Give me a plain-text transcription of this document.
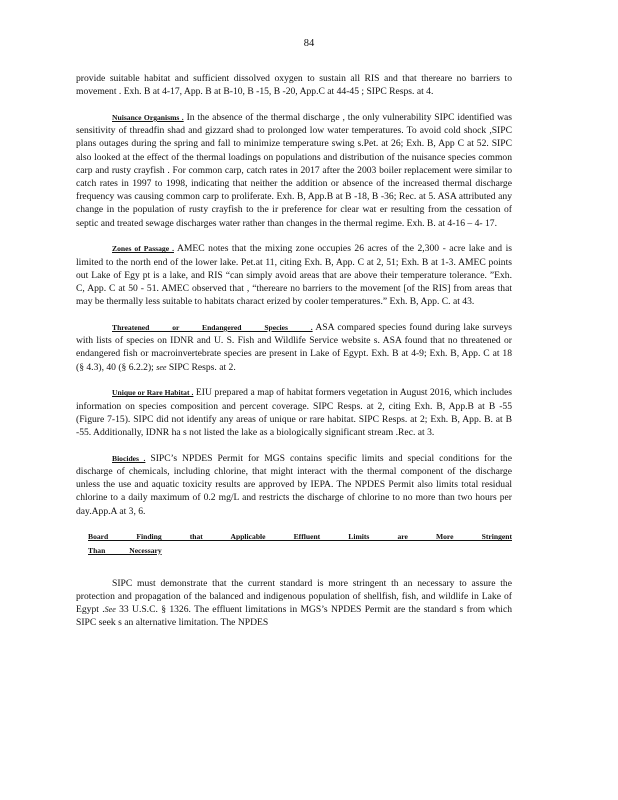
84

provide suitable habitat and sufficient dissolved oxygen to sustain all RIS and that thereare no barriers to movement . Exh. B at 4-17, App. B at B-10, B -15, B -20, App.C at 44-45 ; SIPC Resps. at 4.

Nuisance Organisms . In the absence of the thermal discharge , the only vulnerability SIPC identified was sensitivity of threadfin shad and gizzard shad to prolonged low water temperatures. To avoid cold shock ,SIPC plans outages during the spring and fall to minimize temperature swing s.Pet. at 26; Exh. B, App C at 52. SIPC also looked at the effect of the thermal loadings on populations and distribution of the nuisance species common carp and rusty crayfish . For common carp, catch rates in 2017 after the 2003 boiler replacement were similar to catch rates in 1997 to 1998, indicating that neither the addition or absence of the increased thermal discharge frequency was causing common carp to proliferate. Exh. B, App.B at B -18, B -36; Rec. at 5. ASA attributed any change in the population of rusty crayfish to the ir preference for clear wat er resulting from the cessation of septic and treated sewage discharges water rather than changes in the thermal regime. Exh. B. at 4-16 – 4- 17.

Zones of Passage . AMEC notes that the mixing zone occupies 26 acres of the 2,300 - acre lake and is limited to the north end of the lower lake. Pet.at 11, citing Exh. B, App. C at 2, 51; Exh. B at 1-3. AMEC points out Lake of Egy pt is a lake, and RIS “can simply avoid areas that are above their temperature tolerance. ”Exh. C, App. C at 50 - 51. AMEC observed that , “thereare no barriers to the movement [of the RIS] from areas that may be thermally less suitable to habitats charact erized by cooler temperatures.” Exh. B, App. C. at 43.

Threatened or Endangered Species . ASA compared species found during lake surveys with lists of species on IDNR and U. S. Fish and Wildlife Service website s. ASA found that no threatened or endangered fish or macroinvertebrate species are present in Lake of Egypt. Exh. B at 4-9; Exh. B, App. C at 18 (§ 4.3), 40 (§ 6.2.2); see SIPC Resps. at 2.

Unique or Rare Habitat . EIU prepared a map of habitat formers vegetation in August 2016, which includes information on species composition and percent coverage. SIPC Resps. at 2, citing Exh. B, App.B at B -55 (Figure 7-15). SIPC did not identify any areas of unique or rare habitat. SIPC Resps. at 2; Exh. B, App. B. at B -55. Additionally, IDNR ha s not listed the lake as a biologically significant stream .Rec. at 3.

Biocides . SIPC’s NPDES Permit for MGS contains specific limits and special conditions for the discharge of chemicals, including chlorine, that might interact with the thermal component of the discharge unless the use and aquatic toxicity results are approved by IEPA. The NPDES Permit also limits total residual chlorine to a daily maximum of 0.2 mg/L and restricts the discharge of chlorine to no more than two hours per day.App.A at 3, 6.

Board Finding that Applicable Effluent Limits are More Stringent Than Necessary

SIPC must demonstrate that the current standard is more stringent th an necessary to assure the protection and propagation of the balanced and indigenous population of shellfish, fish, and wildlife in Lake of Egypt .See 33 U.S.C. § 1326. The effluent limitations in MGS’s NPDES Permit are the standard s from which SIPC seek s an alternative limitation. The NPDES
